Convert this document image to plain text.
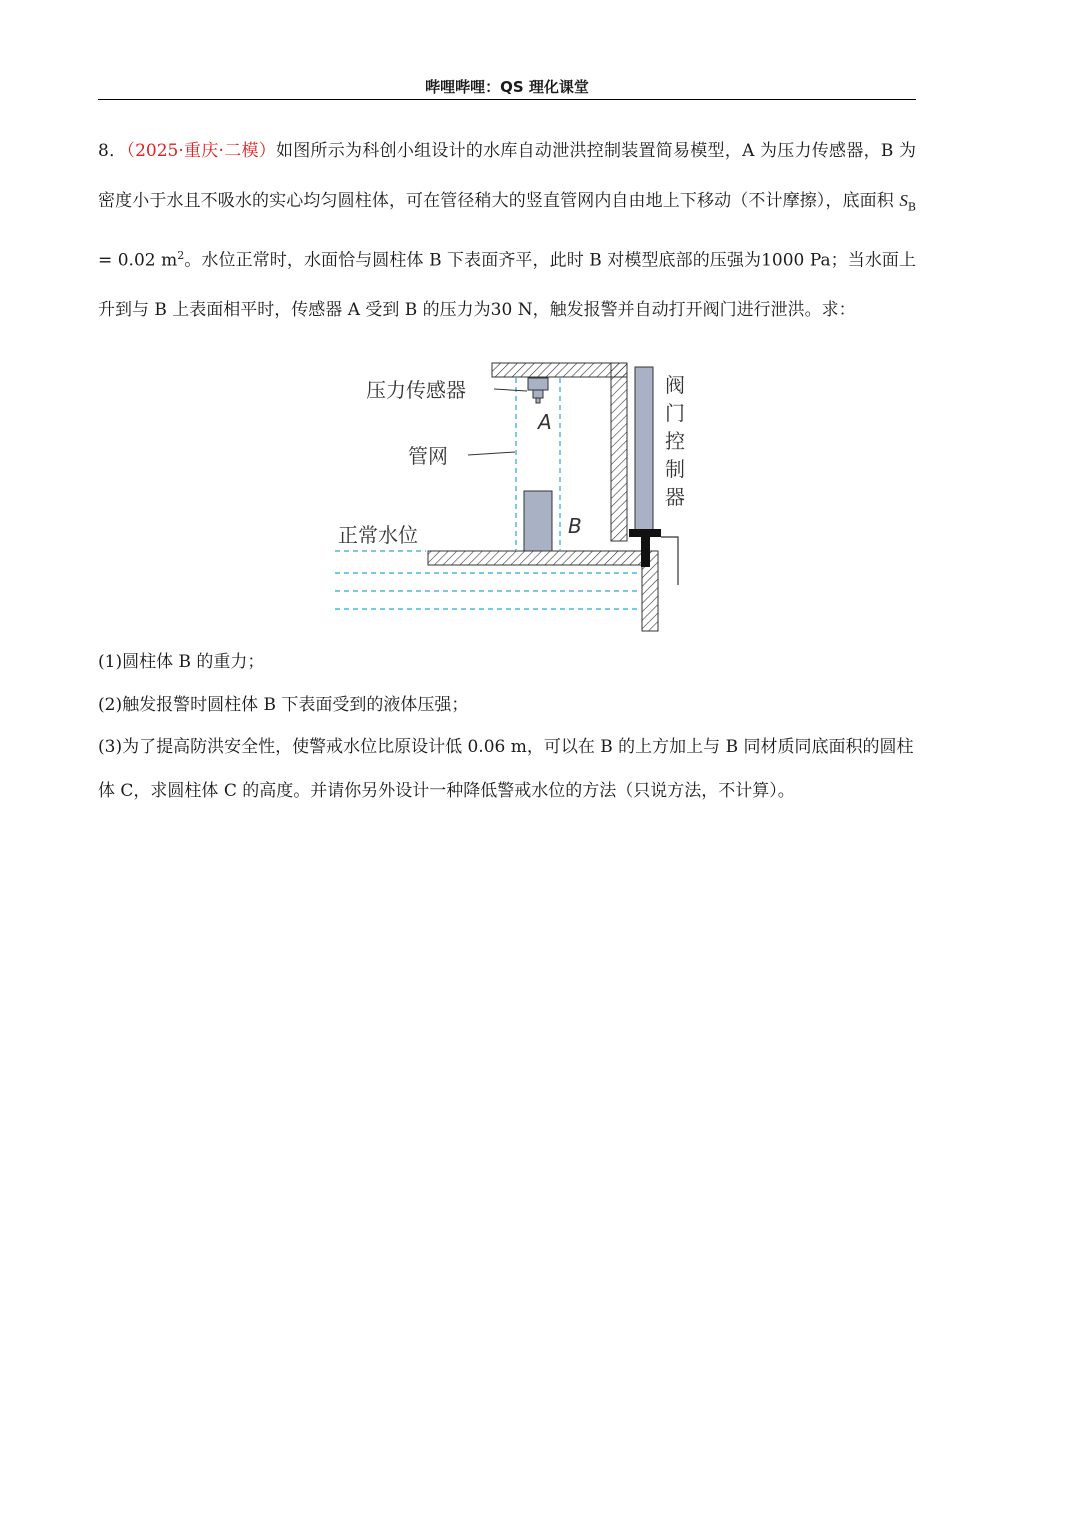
哔哩哔哩：QS 理化课堂

8．（2025·重庆·二模）如图所示为科创小组设计的水库自动泄洪控制装置简易模型，A 为压力传感器，B 为密度小于水且不吸水的实心均匀圆柱体，可在管径稍大的竖直管网内自由地上下移动（不计摩擦），底面积 $S_B = 0.02$ $m^2$。水位正常时，水面恰与圆柱体 B 下表面齐平，此时 B 对模型底部的压强为1000 Pa；当水面上升到与 B 上表面相平时，传感器 A 受到 B 的压力为30 N，触发报警并自动打开阀门进行泄洪。求：

压力传感器
管网
正常水位
A
B
阀
门
控
制
器

(1)圆柱体 B 的重力；

(2)触发报警时圆柱体 B 下表面受到的液体压强；

(3)为了提高防洪安全性，使警戒水位比原设计低 0.06 m，可以在 B 的上方加上与 B 同材质同底面积的圆柱体 C，求圆柱体 C 的高度。并请你另外设计一种降低警戒水位的方法（只说方法，不计算）。
